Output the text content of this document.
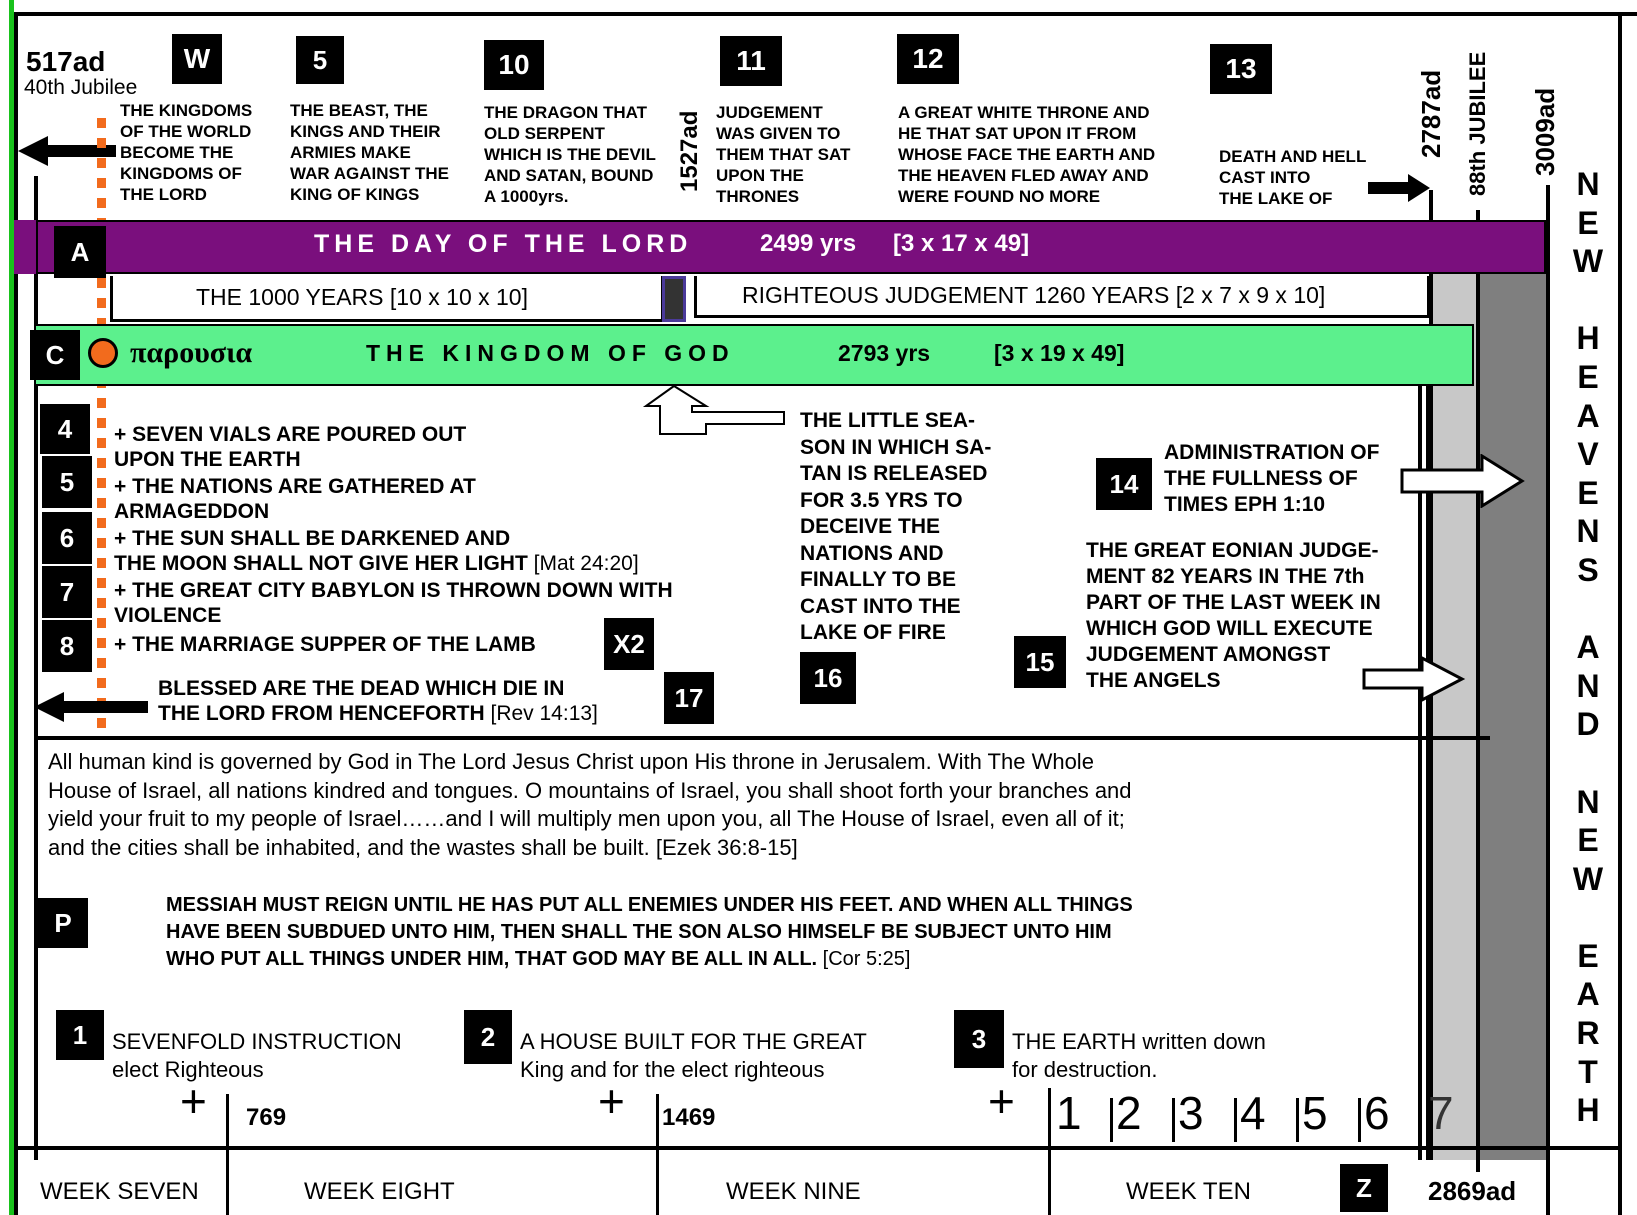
517ad
40th Jubilee
W
THE KINGDOMS
OF THE WORLD
BECOME THE
KINGDOMS OF
THE LORD
5
THE BEAST, THE
KINGS AND THEIR
ARMIES MAKE
WAR AGAINST THE
KING OF KINGS
10
THE DRAGON THAT
OLD SERPENT
WHICH IS THE DEVIL
AND SATAN, BOUND
A 1000yrs.
1527ad
11
JUDGEMENT
WAS GIVEN TO
THEM THAT SAT
UPON THE
THRONES
12
A GREAT WHITE THRONE AND
HE THAT SAT UPON IT FROM
WHOSE FACE THE EARTH AND
THE HEAVEN FLED AWAY AND
WERE FOUND NO MORE
13
DEATH AND HELL
CAST INTO
THE LAKE OF
2787ad 88th JUBILEE 3009ad
A	THE DAY OF THE LORD	2499 yrs [3 x 17 x 49]
THE 1000 YEARS [10 x 10 x 10]	RIGHTEOUS JUDGEMENT 1260 YEARS [2 x 7 x 9 x 10]
C	παρουσια	THE KINGDOM OF GOD	2793 yrs	[3 x 19 x 49]
4	+ SEVEN VIALS ARE POURED OUT
UPON THE EARTH
5	+ THE NATIONS ARE GATHERED AT
ARMAGEDDON
6	+ THE SUN SHALL BE DARKENED AND
THE MOON SHALL NOT GIVE HER LIGHT [Mat 24:20]
7	+ THE GREAT CITY BABYLON IS THROWN DOWN WITH
VIOLENCE
8	+ THE MARRIAGE SUPPER OF THE LAMB	X2
BLESSED ARE THE DEAD WHICH DIE IN
THE LORD FROM HENCEFORTH [Rev 14:13]
17
THE LITTLE SEA-
SON IN WHICH SA-
TAN IS RELEASED
FOR 3.5 YRS TO
DECEIVE THE
NATIONS AND
FINALLY TO BE
CAST INTO THE
LAKE OF FIRE
16
14
ADMINISTRATION OF
THE FULLNESS OF
TIMES EPH 1:10
THE GREAT EONIAN JUDGE-
MENT 82 YEARS IN THE 7th
PART OF THE LAST WEEK IN
WHICH GOD WILL EXECUTE
JUDGEMENT AMONGST
THE ANGELS
15
All human kind is governed by God in The Lord Jesus Christ upon His throne in Jerusalem. With The Whole
House of Israel, all nations kindred and tongues. O mountains of Israel, you shall shoot forth your branches and
yield your fruit to my people of Israel……and I will multiply men upon you, all The House of Israel, even all of it;
and the cities shall be inhabited, and the wastes shall be built. [Ezek 36:8-15]
P
MESSIAH MUST REIGN UNTIL HE HAS PUT ALL ENEMIES UNDER HIS FEET. AND WHEN ALL THINGS
HAVE BEEN SUBDUED UNTO HIM, THEN SHALL THE SON ALSO HIMSELF BE SUBJECT UNTO HIM
WHO PUT ALL THINGS UNDER HIM, THAT GOD MAY BE ALL IN ALL. [Cor 5:25]
1	SEVENFOLD INSTRUCTION
elect Righteous
2	A HOUSE BUILT FOR THE GREAT
King and for the elect righteous
3	THE EARTH written down
for destruction.
+ 769	+ 1469	+ 1 2 3 4 5 6 7
WEEK SEVEN	WEEK EIGHT	WEEK NINE	WEEK TEN	Z	2869ad
N
E
W
H
E
A
V
E
N
S
A
N
D
N
E
W
E
A
R
T
H
